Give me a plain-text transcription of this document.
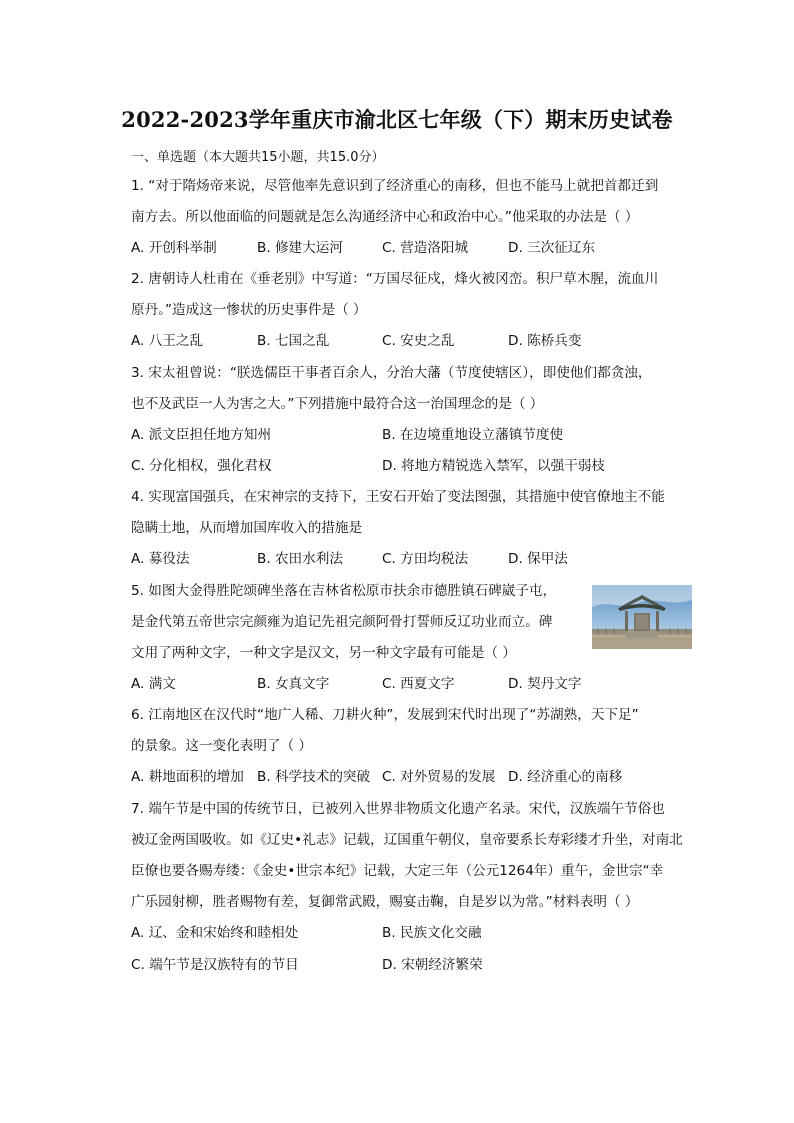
2022-2023学年重庆市渝北区七年级（下）期末历史试卷
一、单选题（本大题共15小题，共15.0分）
1. “对于隋炀帝来说，尽管他率先意识到了经济重心的南移，但也不能马上就把首都迁到
南方去。所以他面临的问题就是怎么沟通经济中心和政治中心。”他采取的办法是（ ）
A. 开创科举制	B. 修建大运河	C. 营造洛阳城	D. 三次征辽东
2. 唐朝诗人杜甫在《垂老别》中写道：“万国尽征戍，烽火被冈峦。积尸草木腥，流血川
原丹。”造成这一惨状的历史事件是（ ）
A. 八王之乱	B. 七国之乱	C. 安史之乱	D. 陈桥兵变
3. 宋太祖曾说：“朕选儒臣干事者百余人，分治大藩（节度使辖区），即使他们都贪浊，
也不及武臣一人为害之大。”下列措施中最符合这一治国理念的是（ ）
A. 派文臣担任地方知州	B. 在边境重地设立藩镇节度使
C. 分化相权，强化君权	D. 将地方精锐选入禁军，以强干弱枝
4. 实现富国强兵，在宋神宗的支持下，王安石开始了变法图强，其措施中使官僚地主不能
隐瞒土地，从而增加国库收入的措施是
A. 募役法	B. 农田水利法	C. 方田均税法	D. 保甲法
5. 如图大金得胜陀颂碑坐落在吉林省松原市扶余市德胜镇石碑崴子屯，
是金代第五帝世宗完颜雍为追记先祖完颜阿骨打誓师反辽功业而立。碑
文用了两种文字，一种文字是汉文，另一种文字最有可能是（ ）
A. 满文	B. 女真文字	C. 西夏文字	D. 契丹文字
6. 江南地区在汉代时“地广人稀、刀耕火种”，发展到宋代时出现了“苏湖熟，天下足”
的景象。这一变化表明了（ ）
A. 耕地面积的增加 B. 科学技术的突破 C. 对外贸易的发展 D. 经济重心的南移
7. 端午节是中国的传统节日，已被列入世界非物质文化遗产名录。宋代，汉族端午节俗也
被辽金两国吸收。如《辽史•礼志》记载，辽国重午朝仪，皇帝要系长寿彩缕才升坐，对南北
臣僚也要各赐寿缕：《金史•世宗本纪》记载，大定三年（公元1264年）重午，金世宗“幸
广乐园射柳，胜者赐物有差，复御常武殿，赐宴击鞠，自是岁以为常。”材料表明（ ）
A. 辽、金和宋始终和睦相处	B. 民族文化交融
C. 端午节是汉族特有的节目	D. 宋朝经济繁荣
